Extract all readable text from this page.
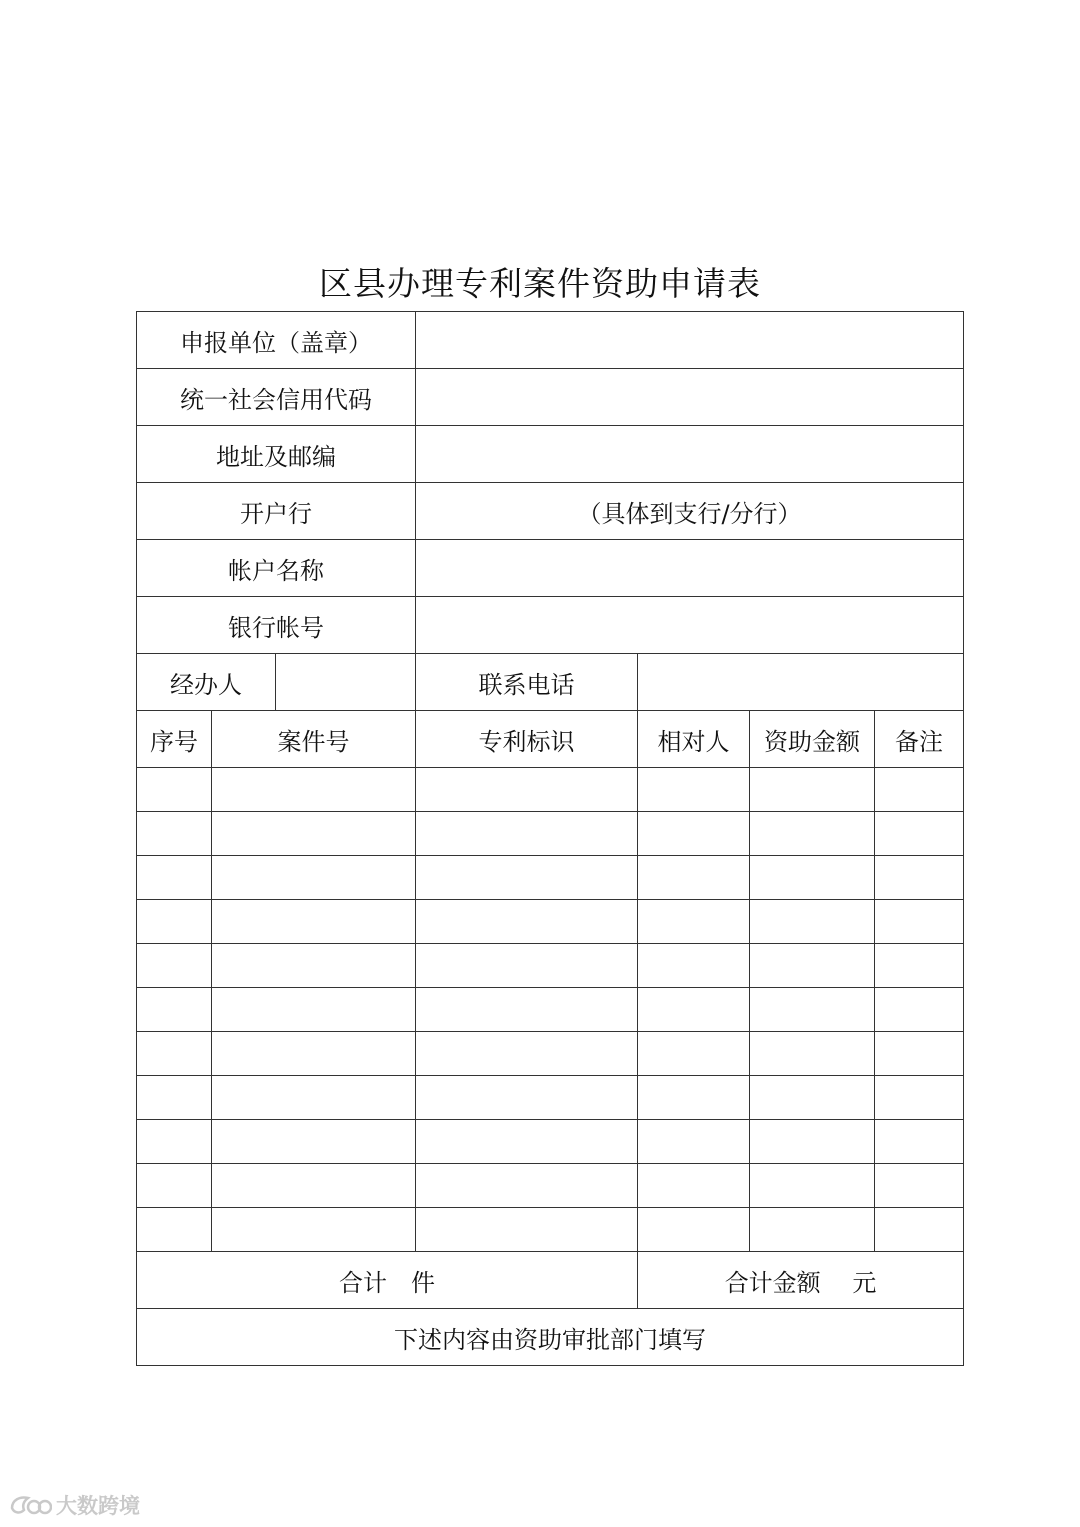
区县办理专利案件资助申请表
申报单位（盖章）						
统一社会信用代码						
地址及邮编						
开户行			（具体到支行/分行）			
帐户名称						
银行帐号						
经办人			联系电话			
序号	案件号		专利标识	相对人	资助金额	备注

合计　件				合计金额　 元		
下述内容由资助审批部门填写						
大数跨境
